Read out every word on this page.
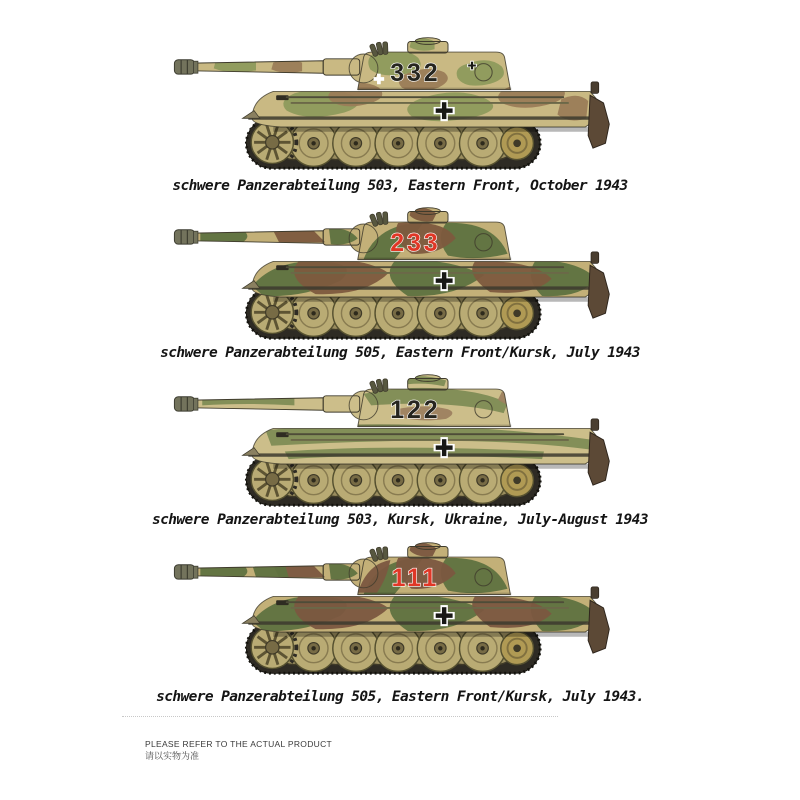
332
schwere Panzerabteilung 503, Eastern Front, October 1943
233
schwere Panzerabteilung 505, Eastern Front/Kursk, July 1943
122
schwere Panzerabteilung 503, Kursk, Ukraine, July-August 1943
111
schwere Panzerabteilung 505, Eastern Front/Kursk, July 1943.
PLEASE REFER TO THE ACTUAL PRODUCT
请以实物为准
